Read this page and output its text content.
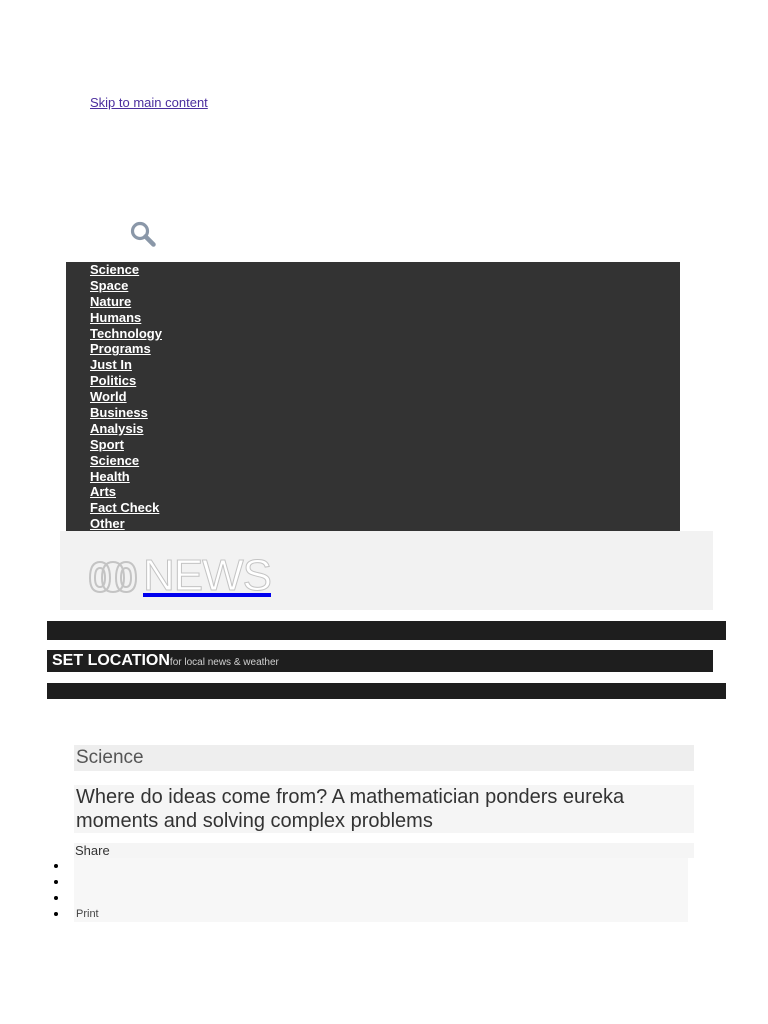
Skip to main content
Science
Space
Nature
Humans
Technology
Programs
Just In
Politics
World
Business
Analysis
Sport
Science
Health
Arts
Fact Check
Other
NEWS
SET LOCATION for local news & weather
Science
Where do ideas come from? A mathematician ponders eureka moments and solving complex problems
Share
Print
